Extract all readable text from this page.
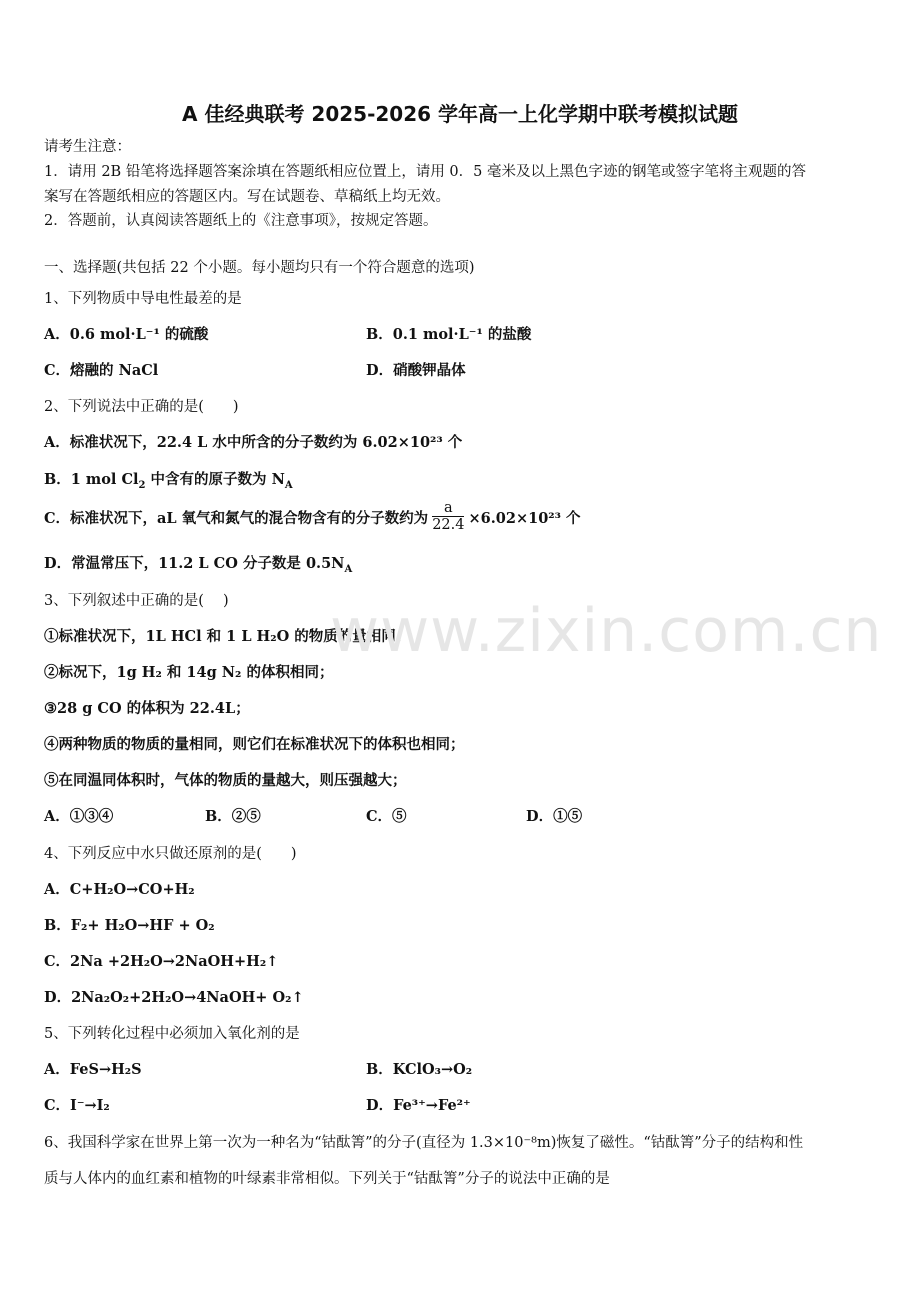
A 佳经典联考 2025-2026 学年高一上化学期中联考模拟试题
请考生注意：
1．请用 2B 铅笔将选择题答案涂填在答题纸相应位置上，请用 0．5 毫米及以上黑色字迹的钢笔或签字笔将主观题的答
案写在答题纸相应的答题区内。写在试题卷、草稿纸上均无效。
2．答题前，认真阅读答题纸上的《注意事项》，按规定答题。
一、选择题(共包括 22 个小题。每小题均只有一个符合题意的选项)
1、下列物质中导电性最差的是
A．0.6 mol·L⁻¹ 的硫酸	B．0.1 mol·L⁻¹ 的盐酸
C．熔融的 NaCl	D．硝酸钾晶体
2、下列说法中正确的是(　　)
A．标准状况下，22.4 L 水中所含的分子数约为 6.02×10²³ 个
B．1 mol $Cl_2$ 中含有的原子数为 $N_A$
C．标准状况下，aL 氧气和氮气的混合物含有的分子数约为 $\frac{a}{22.4} \times 6.02\times 10^{23}$ 个
D．常温常压下，11.2 L CO 分子数是 $0.5N_A$
3、下列叙述中正确的是(　 )
①标准状况下，1L HCl 和 1 L H₂O 的物质的量相同；
②标况下，1g H₂ 和 14g N₂ 的体积相同；
③28 g CO 的体积为 22.4L；
④两种物质的物质的量相同，则它们在标准状况下的体积也相同；
⑤在同温同体积时，气体的物质的量越大，则压强越大；
A．①③④	B．②⑤	C．⑤	D．①⑤
4、下列反应中水只做还原剂的是(　　)
A．C+H₂O→CO+H₂
B．F₂+ H₂O→HF + O₂
C．2Na +2H₂O→2NaOH+H₂↑
D．2Na₂O₂+2H₂O→4NaOH+ O₂↑
5、下列转化过程中必须加入氧化剂的是
A．FeS→H₂S	B．KClO₃→O₂
C．I⁻→I₂	D．Fe³⁺→Fe²⁺
6、我国科学家在世界上第一次为一种名为“钴酞箐”的分子(直径为 1.3×10⁻⁸m)恢复了磁性。“钴酞箐”分子的结构和性
质与人体内的血红素和植物的叶绿素非常相似。下列关于“钴酞箐”分子的说法中正确的是
www.zixin.com.cn
